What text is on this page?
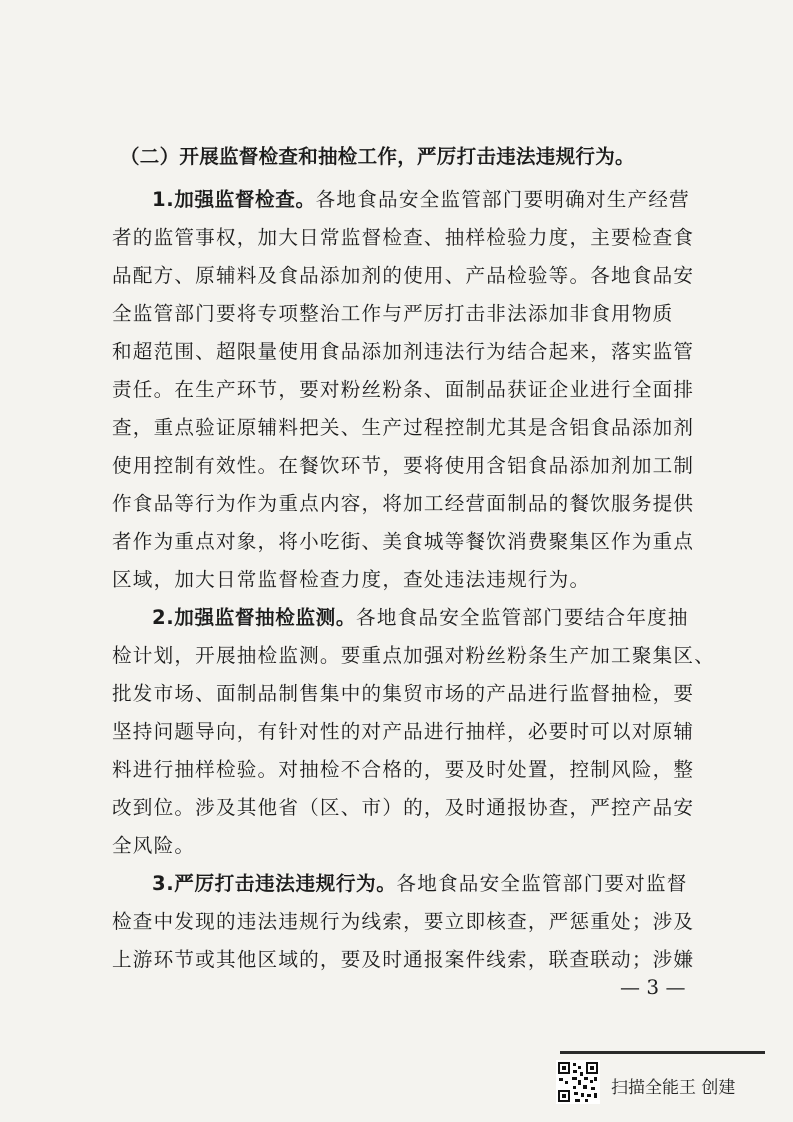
（二）开展监督检查和抽检工作，严厉打击违法违规行为。
1.加强监督检查。各地食品安全监管部门要明确对生产经营
者的监管事权，加大日常监督检查、抽样检验力度，主要检查食
品配方、原辅料及食品添加剂的使用、产品检验等。各地食品安
全监管部门要将专项整治工作与严厉打击非法添加非食用物质
和超范围、超限量使用食品添加剂违法行为结合起来，落实监管
责任。在生产环节，要对粉丝粉条、面制品获证企业进行全面排
查，重点验证原辅料把关、生产过程控制尤其是含铝食品添加剂
使用控制有效性。在餐饮环节，要将使用含铝食品添加剂加工制
作食品等行为作为重点内容，将加工经营面制品的餐饮服务提供
者作为重点对象，将小吃街、美食城等餐饮消费聚集区作为重点
区域，加大日常监督检查力度，查处违法违规行为。
2.加强监督抽检监测。各地食品安全监管部门要结合年度抽
检计划，开展抽检监测。要重点加强对粉丝粉条生产加工聚集区、
批发市场、面制品制售集中的集贸市场的产品进行监督抽检，要
坚持问题导向，有针对性的对产品进行抽样，必要时可以对原辅
料进行抽样检验。对抽检不合格的，要及时处置，控制风险，整
改到位。涉及其他省（区、市）的，及时通报协查，严控产品安
全风险。
3.严厉打击违法违规行为。各地食品安全监管部门要对监督
检查中发现的违法违规行为线索，要立即核查，严惩重处；涉及
上游环节或其他区域的，要及时通报案件线索，联查联动；涉嫌
— 3 —
扫描全能王 创建
